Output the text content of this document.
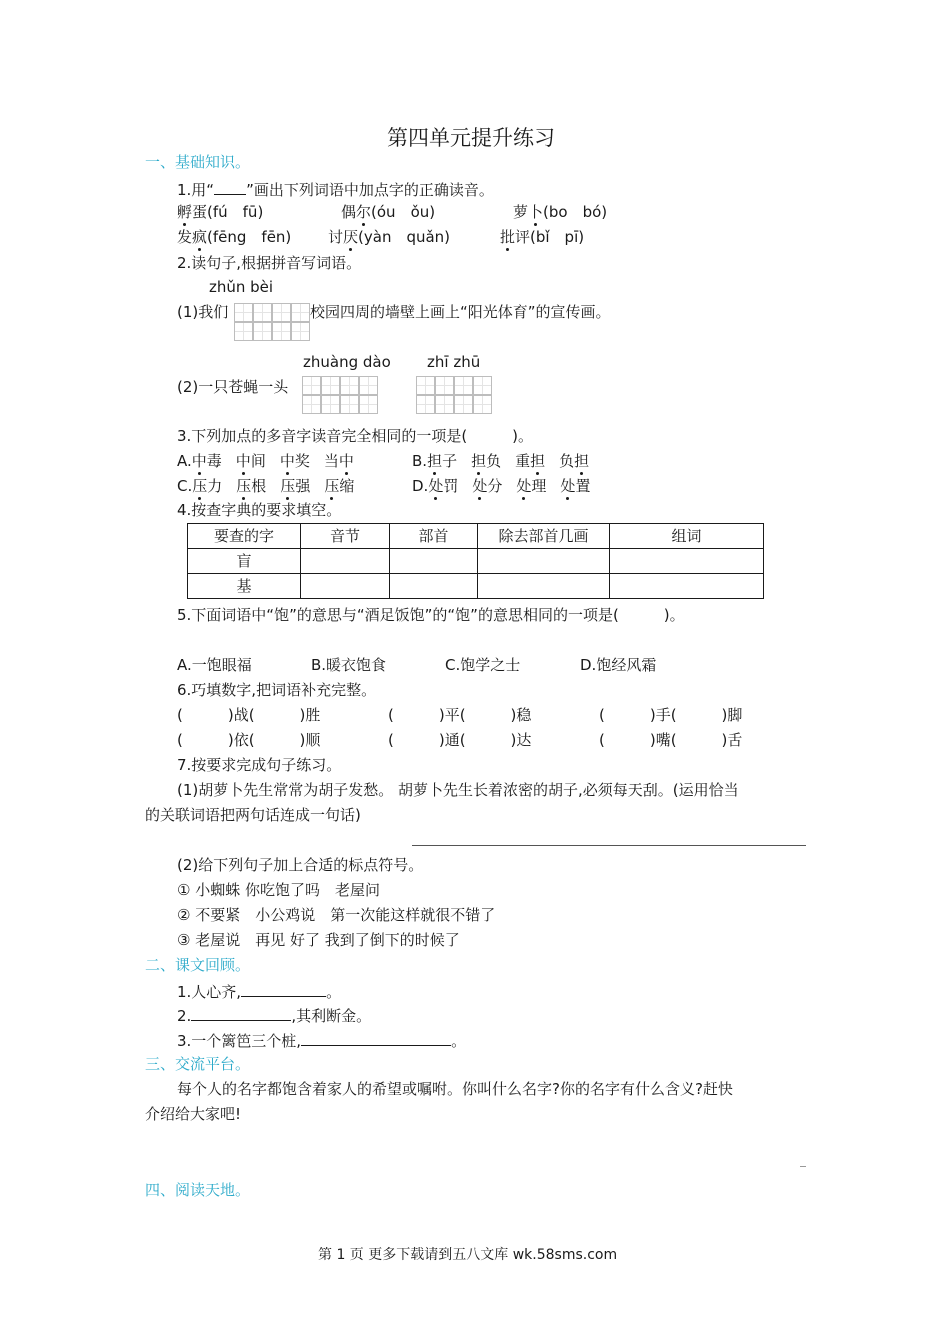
第四单元提升练习
一、基础知识。
1.用“ ”画出下列词语中加点字的正确读音。
孵蛋(fú　fū)	偶尔(óu　ǒu)	萝卜(bo　bó)
发疯(fēng　fēn) 讨厌(yàn　quǎn)	批评(bǐ　pī)
2.读句子,根据拼音写词语。
zhǔn bèi
(1)我们	校园四周的墙壁上画上“阳光体育”的宣传画。
zhuàng dào zhī zhū
(2)一只苍蝇一头
3.下列加点的多音字读音完全相同的一项是(　　　)。
A.中毒 中间 中奖 当中	B.担子 担负 重担 负担
C.压力 压根 压强 压缩	D.处罚 处分 处理 处置
4.按查字典的要求填空。
要查的字	音节	部首	除去部首几画	组词
盲				
基				
5.下面词语中“饱”的意思与“酒足饭饱”的“饱”的意思相同的一项是(　　　)。
A.一饱眼福	B.暖衣饱食	C.饱学之士	D.饱经风霜
6.巧填数字,把词语补充完整。
(　　　)战(　　　)胜	(　　　)平(　　　)稳	(　　　)手(　　　)脚
(　　　)依(　　　)顺	(　　　)通(　　　)达	(　　　)嘴(　　　)舌
7.按要求完成句子练习。
(1)胡萝卜先生常常为胡子发愁。 胡萝卜先生长着浓密的胡子,必须每天刮。(运用恰当
的关联词语把两句话连成一句话)
(2)给下列句子加上合适的标点符号。
① 小蜘蛛 你吃饱了吗　老屋问
② 不要紧　小公鸡说　第一次能这样就很不错了
③ 老屋说　再见 好了 我到了倒下的时候了
二、课文回顾。
1.人心齐,	。
2.	,其利断金。
3.一个篱笆三个桩,	。
三、交流平台。
每个人的名字都饱含着家人的希望或嘱咐。你叫什么名字?你的名字有什么含义?赶快
介绍给大家吧!
四、阅读天地。
第 1 页 更多下载请到五八文库 wk.58sms.com
